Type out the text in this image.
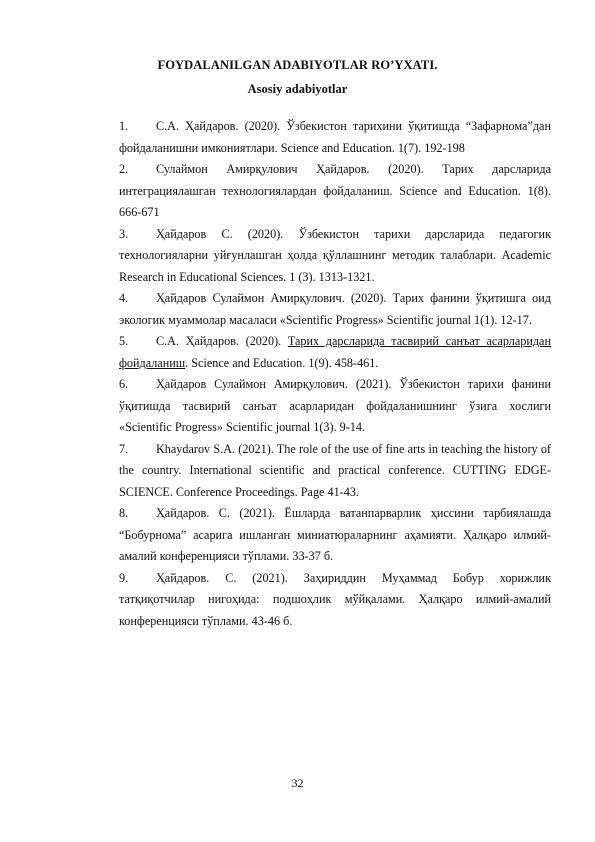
FOYDALANILGAN ADABIYOTLAR RO’YXATI.
Asosiy adabiyotlar
1.	С.А. Ҳайдаров. (2020). Ўзбекистон тарихини ўқитишда “Зафарнома”дан фойдаланишни имкониятлари. Science and Education. 1(7). 192-198
2.	Сулаймон Амирқулович Ҳайдаров. (2020). Тарих дарсларида интеграциялашган технологиялардан фойдаланиш. Science and Education. 1(8). 666-671
3.	Ҳайдаров С. (2020). Ўзбекистон тарихи дарсларида педагогик технологияларни уйғунлашган ҳолда қўллашнинг методик талаблари. Academic Research in Educational Sciences. 1 (3). 1313-1321.
4.	Ҳайдаров Сулаймон Амирқулович. (2020). Тарих фанини ўқитишга оид экологик муаммолар масаласи «Scientific Progress» Scientific journal 1(1). 12-17.
5.	С.А. Ҳайдаров. (2020). Тарих дарсларида тасвирий санъат асарларидан фойдаланиш. Science and Education. 1(9). 458-461.
6.	Ҳайдаров Сулаймон Амирқулович. (2021). Ўзбекистон тарихи фанини ўқитишда тасвирий санъат асарларидан фойдаланишнинг ўзига хослиги «Scientific Progress» Scientific journal 1(3). 9-14.
7.	Khaydarov S.A. (2021). The role of the use of fine arts in teaching the history of the country. International scientific and practical conference. CUTTING EDGE-SCIENCE. Conference Proceedings. Page 41-43.
8.	Ҳайдаров. С. (2021). Ёшларда ватанпарварлик ҳиссини тарбиялашда “Бобурнома” асарига ишланган миниатюраларнинг аҳамияти. Ҳалқаро илмий- амалий конференцияси тўплами. 33-37 б.
9.	Ҳайдаров. С. (2021). Заҳириддин Муҳаммад Бобур хорижлик татқиқотчилар нигоҳида: подшоҳлик мўйқалами. Ҳалқаро илмий-амалий конференцияси тўплами. 43-46 б.
32
